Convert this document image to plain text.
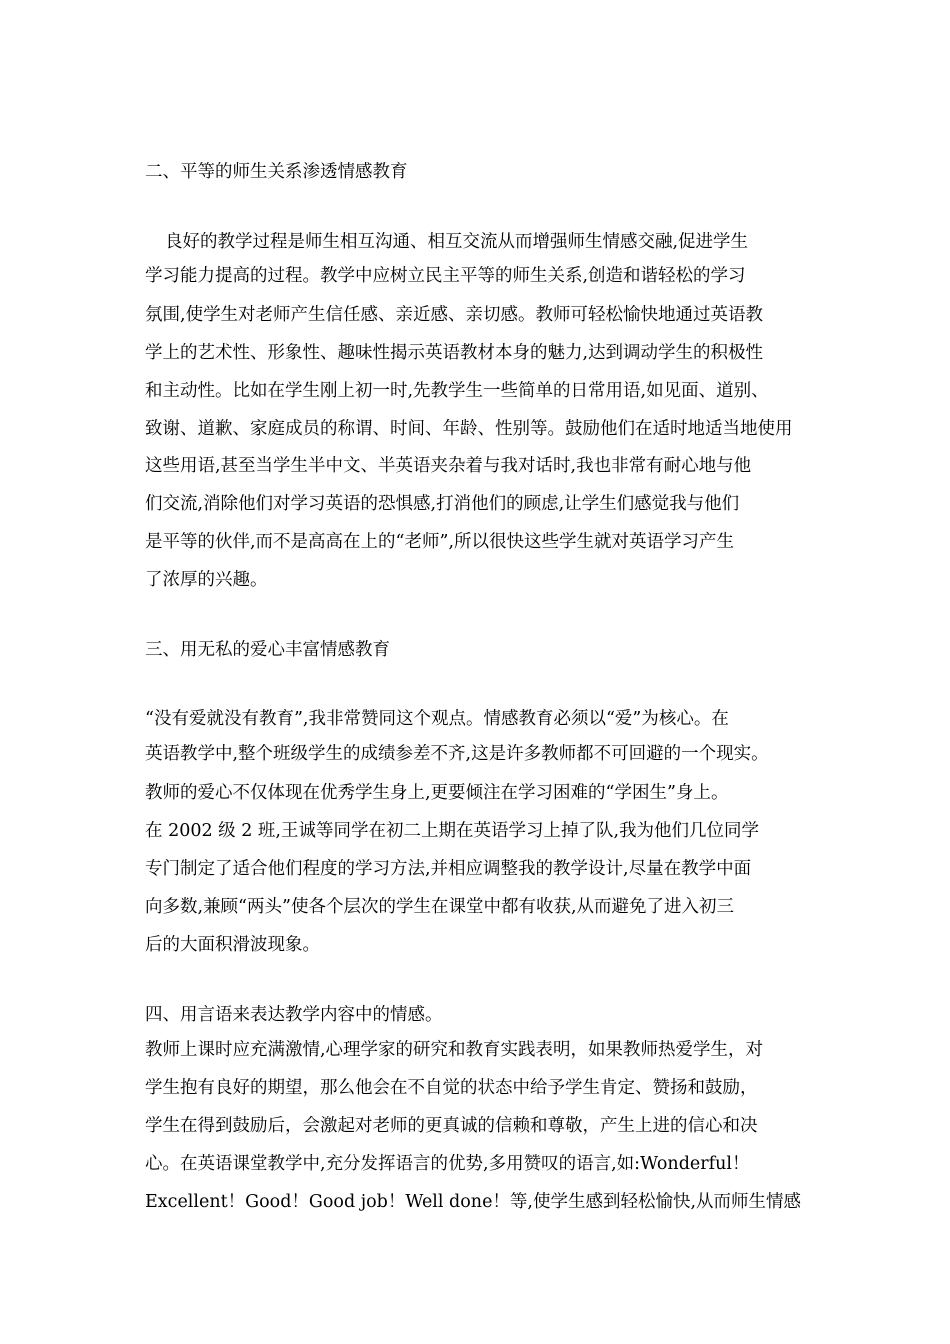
二、平等的师生关系渗透情感教育
良好的教学过程是师生相互沟通、相互交流从而增强师生情感交融,促进学生
学习能力提高的过程。教学中应树立民主平等的师生关系,创造和谐轻松的学习
氛围,使学生对老师产生信任感、亲近感、亲切感。教师可轻松愉快地通过英语教
学上的艺术性、形象性、趣味性揭示英语教材本身的魅力,达到调动学生的积极性
和主动性。比如在学生刚上初一时,先教学生一些简单的日常用语,如见面、道别、
致谢、道歉、家庭成员的称谓、时间、年龄、性别等。鼓励他们在适时地适当地使用
这些用语,甚至当学生半中文、半英语夹杂着与我对话时,我也非常有耐心地与他
们交流,消除他们对学习英语的恐惧感,打消他们的顾虑,让学生们感觉我与他们
是平等的伙伴,而不是高高在上的“老师”,所以很快这些学生就对英语学习产生
了浓厚的兴趣。
三、用无私的爱心丰富情感教育
“没有爱就没有教育”,我非常赞同这个观点。情感教育必须以“爱”为核心。在
英语教学中,整个班级学生的成绩参差不齐,这是许多教师都不可回避的一个现实。
教师的爱心不仅体现在优秀学生身上,更要倾注在学习困难的“学困生”身上。
在 2002 级 2 班,王诚等同学在初二上期在英语学习上掉了队,我为他们几位同学
专门制定了适合他们程度的学习方法,并相应调整我的教学设计,尽量在教学中面
向多数,兼顾“两头”使各个层次的学生在课堂中都有收获,从而避免了进入初三
后的大面积滑波现象。
四、用言语来表达教学内容中的情感。
教师上课时应充满激情,心理学家的研究和教育实践表明，如果教师热爱学生，对
学生抱有良好的期望，那么他会在不自觉的状态中给予学生肯定、赞扬和鼓励，
学生在得到鼓励后，会激起对老师的更真诚的信赖和尊敬，产生上进的信心和决
心。在英语课堂教学中,充分发挥语言的优势,多用赞叹的语言,如:Wonderful！
Excellent！Good！Good job！Well done！等,使学生感到轻松愉快,从而师生情感
